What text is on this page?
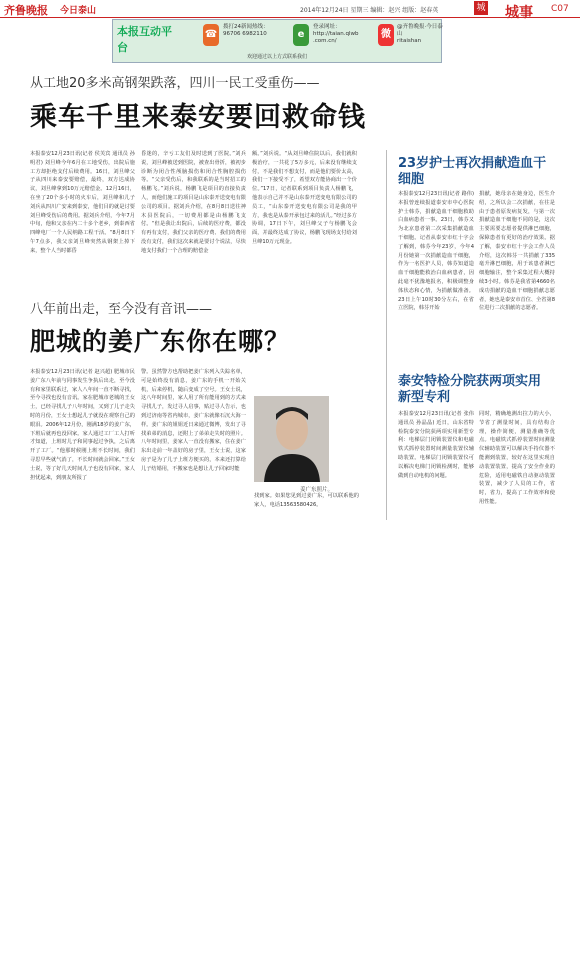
齐鲁晚报 今日泰山	2014年12月24日 星期三 编辑：赵兴 组版：赵春英	城 城事 C07
本报互动平台
☎
拨打24新闻热线：
96706 6982110	e
登录网址：
http://taian.qlwb
.com.cn/
微
@齐鲁晚报·今日泰山
ritaishan
欢迎通过以上方式联系我们
从工地20多米高钢架跌落，四川一民工受重伤——
乘车千里来泰安要回救命钱
本报泰安12月23日讯(记者 侯芙宾 通讯员 孙明君) 刘旦峰今年6月在工地受伤，出院后施工方却拒绝支付后续费用。16日，刘旦峰父子从四川来泰安要赔偿，最终，双方达成协议，刘旦峰拿到10万元赔偿金。12月16日，在坐了20个多小时的火车后，刘旦峰和儿子刘兵从四川广安来到泰安，他们目的就是讨要刘旦峰受伤后的费用。据刘兵介绍，今年7月中旬，他和父亲在内二十多个老乡，到泰西省四峰电厂一个人民纳路工程干活。“8月8日下午7点多，我父亲刘旦峰突然从钢架上掉下来，整个人当时都昏
昏迷的，辛亏工友们及时送到了医院。”刘兵说，刘旦峰被送到医院，被查出骨折，被初步诊断为闭合性颅脑损伤和闭合性胸腔损伤等。“父亲受伤后，和我联系的是当时招工的杨鹏飞。”刘兵说，杨鹏飞是项目的直接负责人，而他们施工的项目是山东泰开送变电有限公司的项目。据刘兵介绍，在8月8日送往神木县医院后，一切费用都是由杨鹏飞支付。“但是我让出院后，后续的医疗费，都没有再有支付，我们父亲的医疗费、我们的费用没有支付，我们这次来就是要讨个说法，尽快地支付我们一个合理的赔偿金
额。”刘兵说。“从刘旦峰住院以后，我们就积极治疗，一共花了5万多元，后来没有继续支付，不是我们不想支付，而是他们要价太高，我们一下接受不了，希望双方能协商出一个价位。”17日，记者联系到项目负责人杨鹏飞，他表示自己并不是山东泰开送变电有限公司的员工，“山东泰开送变电有限公司是我的甲方，我也是从泰开承包过来的活儿。”经过多方协调，17日下午，刘旦峰父子与杨鹏飞会面，并最终达成了协议，杨鹏飞现场支付给刘旦峰10万元现金。
八年前出走，至今没有音讯——
肥城的姜广东你在哪？
本报泰安12月23日讯(记者 赵兴超) 肥城市民姜广东八年前与同事发生争执后出走，至今没有和家里联系过，家人八年间一直不断寻找，至今寻找也没有音讯。家在肥城市老城的王女士，已经寻找儿子八年时间，又到了儿子走失时的月份，王女士想起儿子就没在观察自己的眼泪。2006年12月份，刚满18岁的姜广东，下班后就再也没回家。家人通过工厂工人打听才知道，上班时儿子和同事起过争执，之后离开了工厂。“他那时候刚上班不长时间，我们寻思早些就气消了，不长时间就会回家。”王女士说，等了好几天时间儿子也没有回家，家人担忧起来，到朋友所报了
警。虽然警方也帮助把姜广东列入失踪名单，可是始终没有消息，姜广东的手机一开始关机，后来停机，随后变成了空号。王女士说，这八年时间里，家人用了所有能用到的方式来寻找儿子，发过寻人启事，贴过寻人告示，也到过济南等省内城市，姜广东就像石沉大海一样。姜广东的姐姐近日来通过微博，发出了寻找弟弟的消息，还附上了弟弟走失时的照片。八年时间里，姜家人一直没有搬家，住在姜广东出走前一年盖好的房子里，王女士说，这家房子是为了儿子上班方便买的，本来还打算给儿子结婚用，不搬家也是想让儿子回家时能
姜广东照片。
找到家。如果您见到过姜广东，可以联系他的家人，电话13563580426。
23岁护士再次捐献造血干细胞
本报泰安12月23日讯(记者 路伟) 本报曾连续报道泰安市中心医院护士韩芬，捐献造血干细胞救助白血病患者一事。23日，韩芬又为北京患者第二次采集捐献造血干细胞。记者从泰安市红十字会了解到，韩芬今年23岁，今年4月份她第一次捐献造血干细胞，作为一名医护人员，韩芬知道造血干细胞能救治白血病患者，因此毫不犹豫地报名，积极调整身体状态和心情，为捐献做准备。23日上午10时30分左右，在省立医院，韩芬开始
捐献，她母亲在她身边，医生介绍，之所以会二次捐献，在往是由于患者原发病复发，与第一次捐献造血干细胞不同的是，这次主要需要志愿者提供淋巴细胞，保障患者有更好的治疗效果。据了解，泰安市红十字会工作人员介绍，这次韩芬一共捐献了335毫升淋巴细胞，用于该患者淋巴细胞输注，整个采集过程大概持续3小时。韩芬是我省第4660名成功捐献的造血干细胞捐献志愿者，她也是泰安市首位、全省第8位进行二次捐献的志愿者。
泰安特检分院获两项实用新型专利
本报泰安12月23日讯(记者 张伟 通讯员 孙晶晶) 近日，山东省特检院泰安分院获两项实用新型专利：电梯层门闭锁装置仪和电磁铁式抓停装置时间测量装置仪辅助装置。电梯层门闭锁装置仪可以解决电梯门闭锁检测时，能够做到自动电机的问题。
同时，精确地测出拉力的大小，节省了测量时间，具有结构合理，操作简便，测量准确等优点。电磁铁式抓停装置时间测量仪辅助装置可以解决手持仪器不能测到装置，较好在这里实现自动装置装置，提高了安全作业的危险，适用电磁铁自动驱动装置装置，减少了人员的工作，省时，省力，提高了工作效率和使用性能。
